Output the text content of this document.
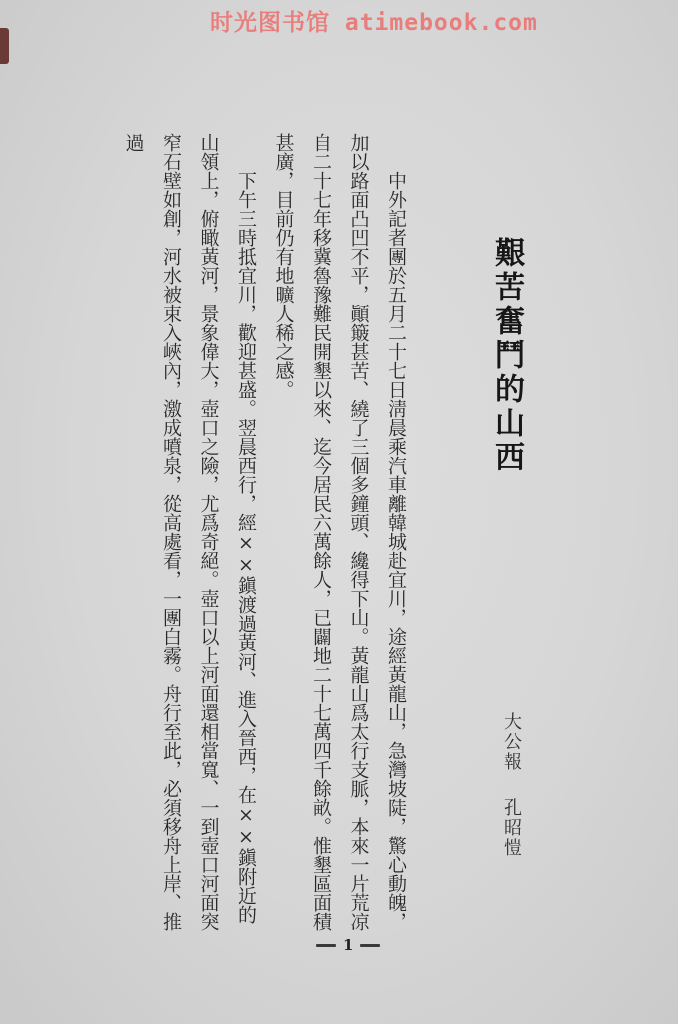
时光图书馆 atimebook.com
艱苦奮鬥的山西

中外記者團於五月二十七日淸晨乘汽車離韓城赴宜川，途經黃龍山，急灣坡陡，驚心動魄，加以路面凸凹不平，顚簸甚苦、繞了三個多鐘頭、纔得下山。黃龍山爲太行支脈，本來一片荒凉自二十七年移冀魯豫難民開墾以來、迄今居民六萬餘人，已闢地二十七萬四千餘畝。惟墾區面積甚廣，目前仍有地曠人稀之感。

下午三時抵宜川，歡迎甚盛。翌晨西行，經××鎭渡過黃河、進入晉西，在××鎭附近的山領上，俯瞰黃河，景象偉大，壺口之險，尤爲奇絕。壺口以上河面還相當寬、一到壺口河面突窄石壁如創，河水被束入峽內，激成噴泉，從高處看，一團白霧。舟行至此，必須移舟上岸、推過

大公報孔昭愷
1
